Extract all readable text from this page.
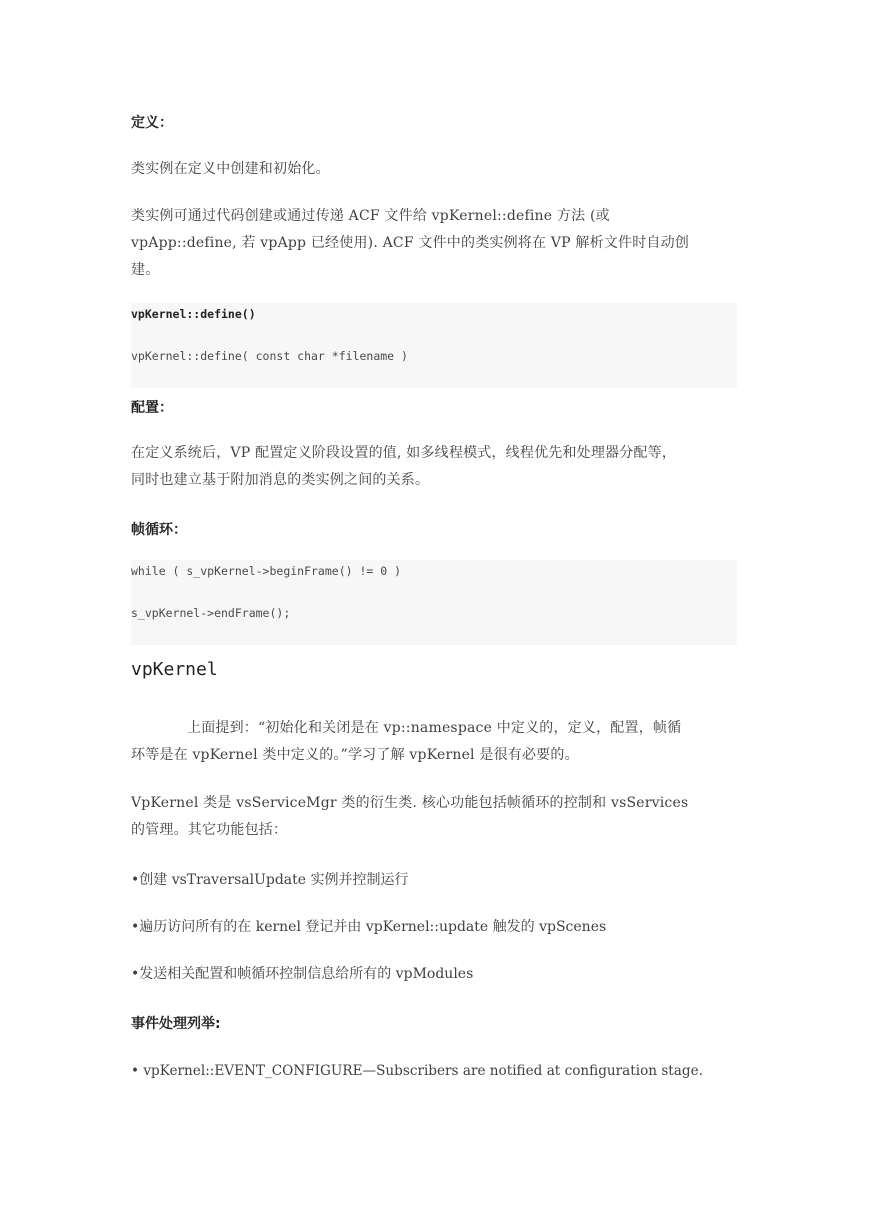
定义：
类实例在定义中创建和初始化。
类实例可通过代码创建或通过传递 ACF 文件给 vpKernel::define 方法 (或
vpApp::define, 若 vpApp 已经使用). ACF 文件中的类实例将在 VP 解析文件时自动创
建。
vpKernel::define()
vpKernel::define( const char *filename )
配置：
在定义系统后，VP 配置定义阶段设置的值, 如多线程模式，线程优先和处理器分配等，
同时也建立基于附加消息的类实例之间的关系。
帧循环：
while ( s_vpKernel->beginFrame() != 0 )
s_vpKernel->endFrame();
vpKernel
上面提到：“初始化和关闭是在 vp::namespace 中定义的，定义，配置，帧循
环等是在 vpKernel 类中定义的。”学习了解 vpKernel 是很有必要的。
VpKernel 类是 vsServiceMgr 类的衍生类. 核心功能包括帧循环的控制和 vsServices
的管理。其它功能包括：
•创建 vsTraversalUpdate 实例并控制运行
•遍历访问所有的在 kernel 登记并由 vpKernel::update 触发的 vpScenes
•发送相关配置和帧循环控制信息给所有的 vpModules
事件处理列举:
• vpKernel::EVENT_CONFIGURE—Subscribers are notified at configuration stage.
